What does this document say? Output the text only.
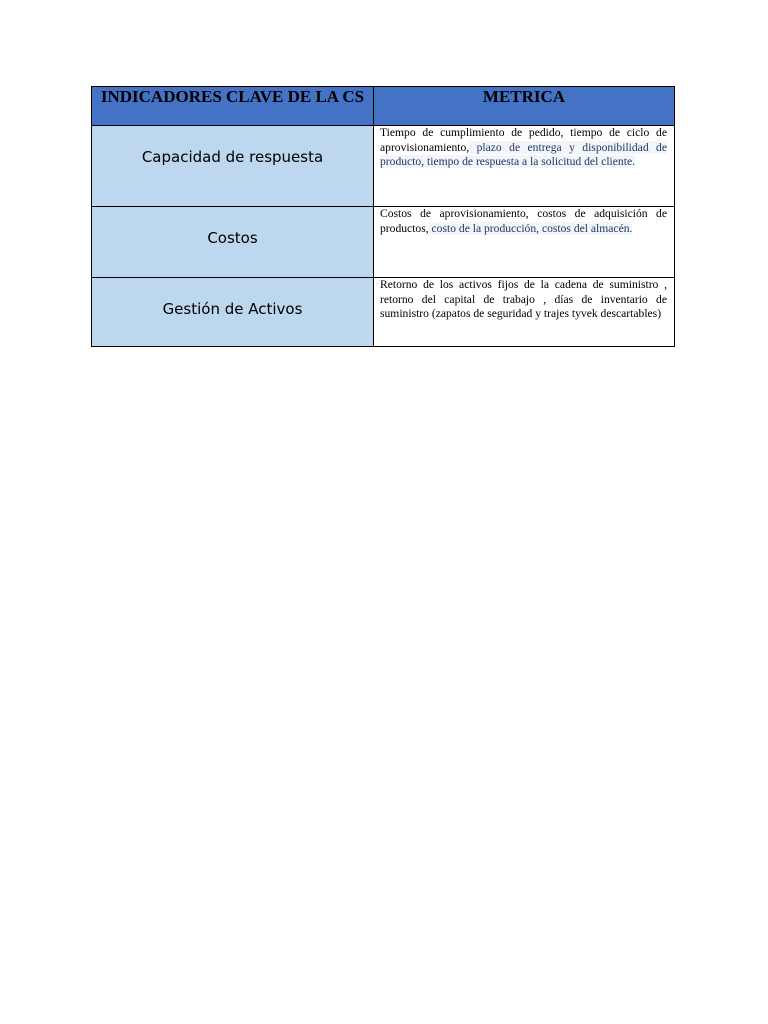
INDICADORES CLAVE DE LA CS	METRICA
Capacidad de respuesta	Tiempo de cumplimiento de pedido, tiempo de ciclo de aprovisionamiento, plazo de entrega y disponibilidad de producto, tiempo de respuesta a la solicitud del cliente.
Costos	Costos de aprovisionamiento, costos de adquisición de productos, costo de la producción, costos del almacén.
Gestión de Activos	Retorno de los activos fijos de la cadena de suministro , retorno del capital de trabajo , días de inventario de suministro (zapatos de seguridad y trajes tyvek descartables)
